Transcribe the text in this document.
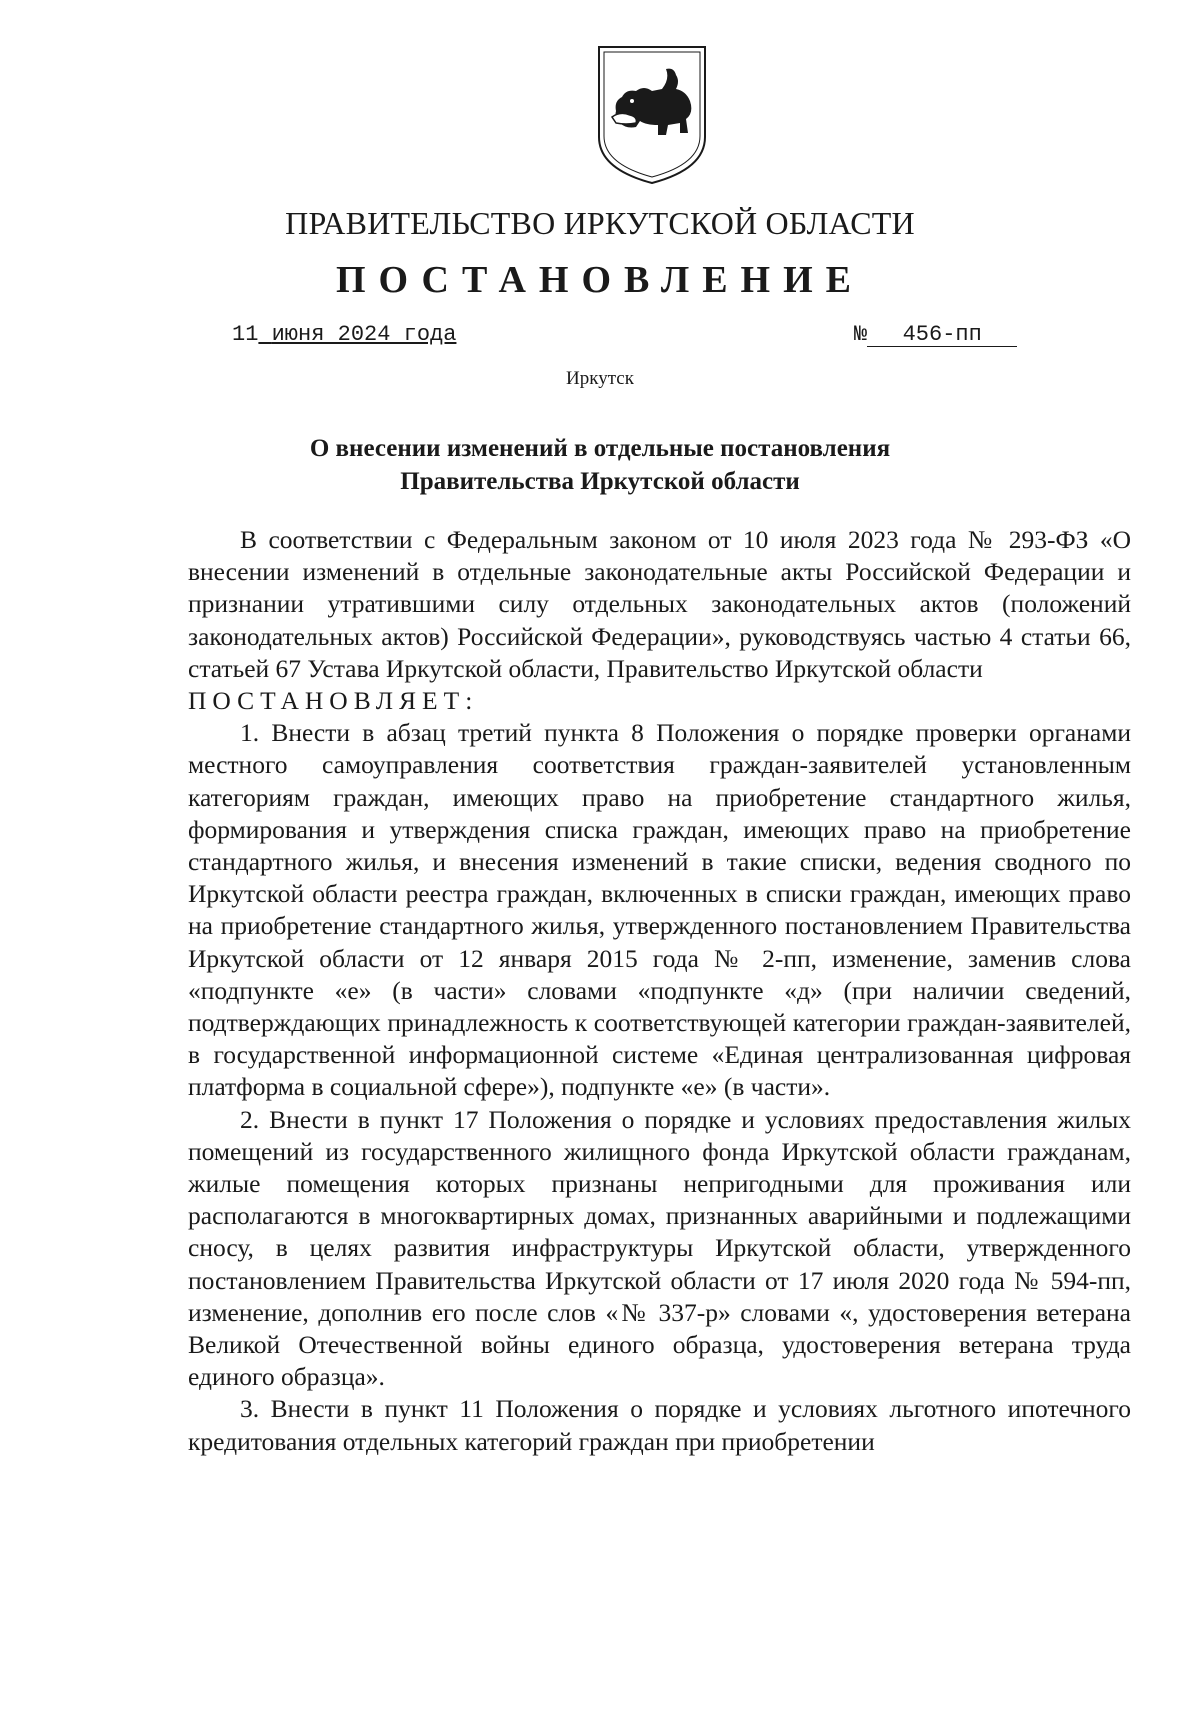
ПРАВИТЕЛЬСТВО ИРКУТСКОЙ ОБЛАСТИ
ПОСТАНОВЛЕНИЕ
11 июня 2024 года	№ 456-пп
Иркутск
О внесении изменений в отдельные постановления
Правительства Иркутской области

В соответствии с Федеральным законом от 10 июля 2023 года № 293-ФЗ «О внесении изменений в отдельные законодательные акты Российской Федерации и признании утратившими силу отдельных законодательных актов (положений законодательных актов) Российской Федерации», руководствуясь частью 4 статьи 66, статьей 67 Устава Иркутской области, Правительство Иркутской области

ПОСТАНОВЛЯЕТ:

1. Внести в абзац третий пункта 8 Положения о порядке проверки органами местного самоуправления соответствия граждан-заявителей установленным категориям граждан, имеющих право на приобретение стандартного жилья, формирования и утверждения списка граждан, имеющих право на приобретение стандартного жилья, и внесения изменений в такие списки, ведения сводного по Иркутской области реестра граждан, включенных в списки граждан, имеющих право на приобретение стандартного жилья, утвержденного постановлением Правительства Иркутской области от 12 января 2015 года № 2-пп, изменение, заменив слова «подпункте «е» (в части» словами «подпункте «д» (при наличии сведений, подтверждающих принадлежность к соответствующей категории граждан-заявителей, в государственной информационной системе «Единая централизованная цифровая платформа в социальной сфере»), подпункте «е» (в части».

2. Внести в пункт 17 Положения о порядке и условиях предоставления жилых помещений из государственного жилищного фонда Иркутской области гражданам, жилые помещения которых признаны непригодными для проживания или располагаются в многоквартирных домах, признанных аварийными и подлежащими сносу, в целях развития инфраструктуры Иркутской области, утвержденного постановлением Правительства Иркутской области от 17 июля 2020 года № 594-пп, изменение, дополнив его после слов «№ 337-р» словами «, удостоверения ветерана Великой Отечественной войны единого образца, удостоверения ветерана труда единого образца».

3. Внести в пункт 11 Положения о порядке и условиях льготного ипотечного кредитования отдельных категорий граждан при приобретении
